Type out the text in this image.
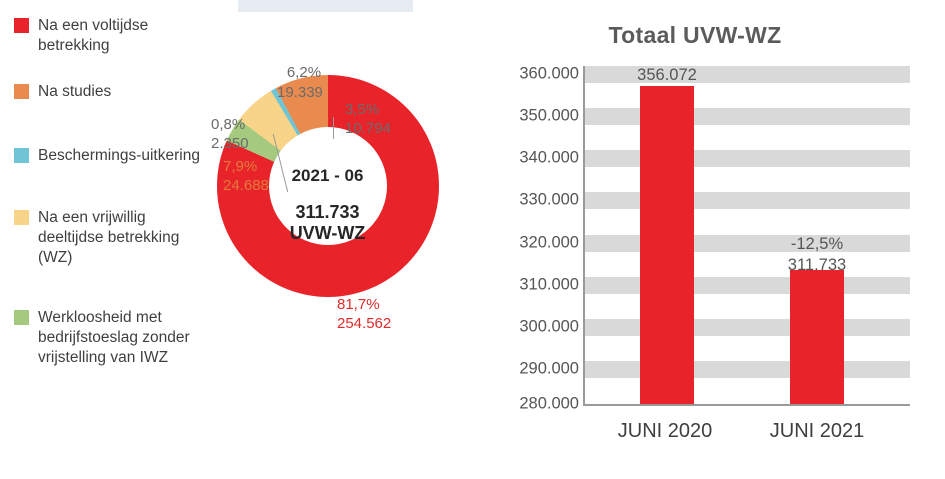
Na een voltijdse betrekking
Na studies
Beschermings-uitkering
Na een vrijwillig deeltijdse betrekking (WZ)
Werkloosheid met bedrijfstoeslag zonder vrijstelling van IWZ
2021 - 06
311.733
UVW-WZ
81,7%
254.562
3,5%
10.794
6,2%
19.339
0,8%
2.350
7,9%
24.688
Totaal UVW-WZ
360.000
350.000
340.000
330.000
320.000
310.000
300.000
290.000
280.000
356.072
-12,5%
311.733
JUNI 2020	JUNI 2021
